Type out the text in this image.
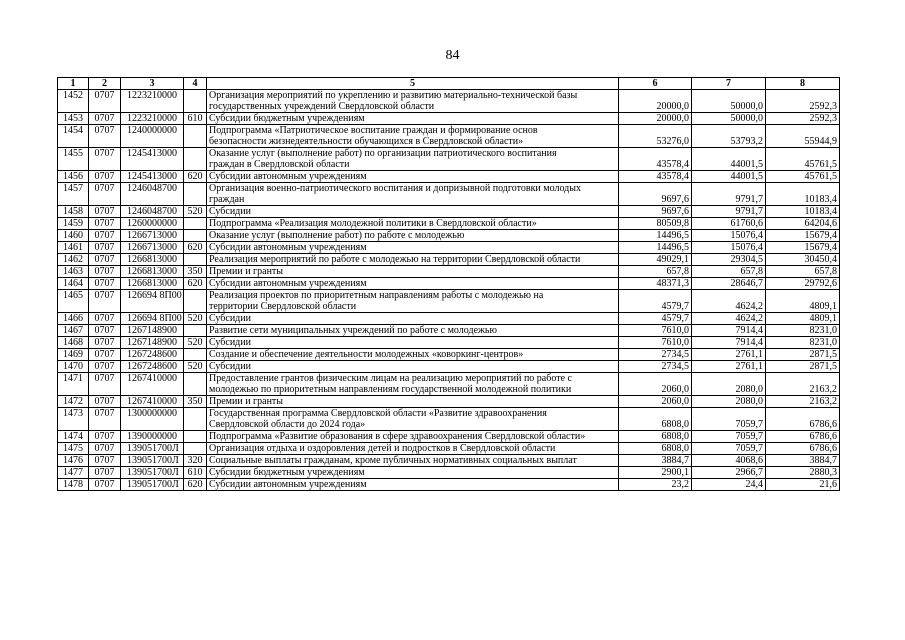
84
1	2	3	4	5	6	7	8
1452	0707	1223210000		Организация мероприятий по укреплению и развитию материально-технической базы
государственных учреждений Свердловской области	20000,0	50000,0	2592,3
1453	0707	1223210000	610	Субсидии бюджетным учреждениям	20000,0	50000,0	2592,3
1454	0707	1240000000		Подпрограмма «Патриотическое воспитание граждан и формирование основ
безопасности жизнедеятельности обучающихся в Свердловской области»	53276,0	53793,2	55944,9
1455	0707	1245413000		Оказание услуг (выполнение работ) по организации патриотического воспитания
граждан в Свердловской области	43578,4	44001,5	45761,5
1456	0707	1245413000	620	Субсидии автономным учреждениям	43578,4	44001,5	45761,5
1457	0707	1246048700		Организация военно-патриотического воспитания и допризывной подготовки молодых
граждан	9697,6	9791,7	10183,4
1458	0707	1246048700	520	Субсидии	9697,6	9791,7	10183,4
1459	0707	1260000000		Подпрограмма «Реализация молодежной политики в Свердловской области»	80509,8	61760,6	64204,6
1460	0707	1266713000		Оказание услуг (выполнение работ) по работе с молодежью	14496,5	15076,4	15679,4
1461	0707	1266713000	620	Субсидии автономным учреждениям	14496,5	15076,4	15679,4
1462	0707	1266813000		Реализация мероприятий по работе с молодежью на территории Свердловской области	49029,1	29304,5	30450,4
1463	0707	1266813000	350	Премии и гранты	657,8	657,8	657,8
1464	0707	1266813000	620	Субсидии автономным учреждениям	48371,3	28646,7	29792,6
1465	0707	126694 8П00		Реализация проектов по приоритетным направлениям работы с молодежью на
территории Свердловской области	4579,7	4624,2	4809,1
1466	0707	126694 8П00	520	Субсидии	4579,7	4624,2	4809,1
1467	0707	1267148900		Развитие сети муниципальных учреждений по работе с молодежью	7610,0	7914,4	8231,0
1468	0707	1267148900	520	Субсидии	7610,0	7914,4	8231,0
1469	0707	1267248600		Создание и обеспечение деятельности молодежных «коворкинг-центров»	2734,5	2761,1	2871,5
1470	0707	1267248600	520	Субсидии	2734,5	2761,1	2871,5
1471	0707	1267410000		Предоставление грантов физическим лицам на реализацию мероприятий по работе с
молодежью по приоритетным направлениям государственной молодежной политики	2060,0	2080,0	2163,2
1472	0707	1267410000	350	Премии и гранты	2060,0	2080,0	2163,2
1473	0707	1300000000		Государственная программа Свердловской области «Развитие здравоохранения
Свердловской области до 2024 года»	6808,0	7059,7	6786,6
1474	0707	1390000000		Подпрограмма «Развитие образования в сфере здравоохранения Свердловской области»	6808,0	7059,7	6786,6
1475	0707	139051700Л		Организация отдыха и оздоровления детей и подростков в Свердловской области	6808,0	7059,7	6786,6
1476	0707	139051700Л	320	Социальные выплаты гражданам, кроме публичных нормативных социальных выплат	3884,7	4068,6	3884,7
1477	0707	139051700Л	610	Субсидии бюджетным учреждениям	2900,1	2966,7	2880,3
1478	0707	139051700Л	620	Субсидии автономным учреждениям	23,2	24,4	21,6
